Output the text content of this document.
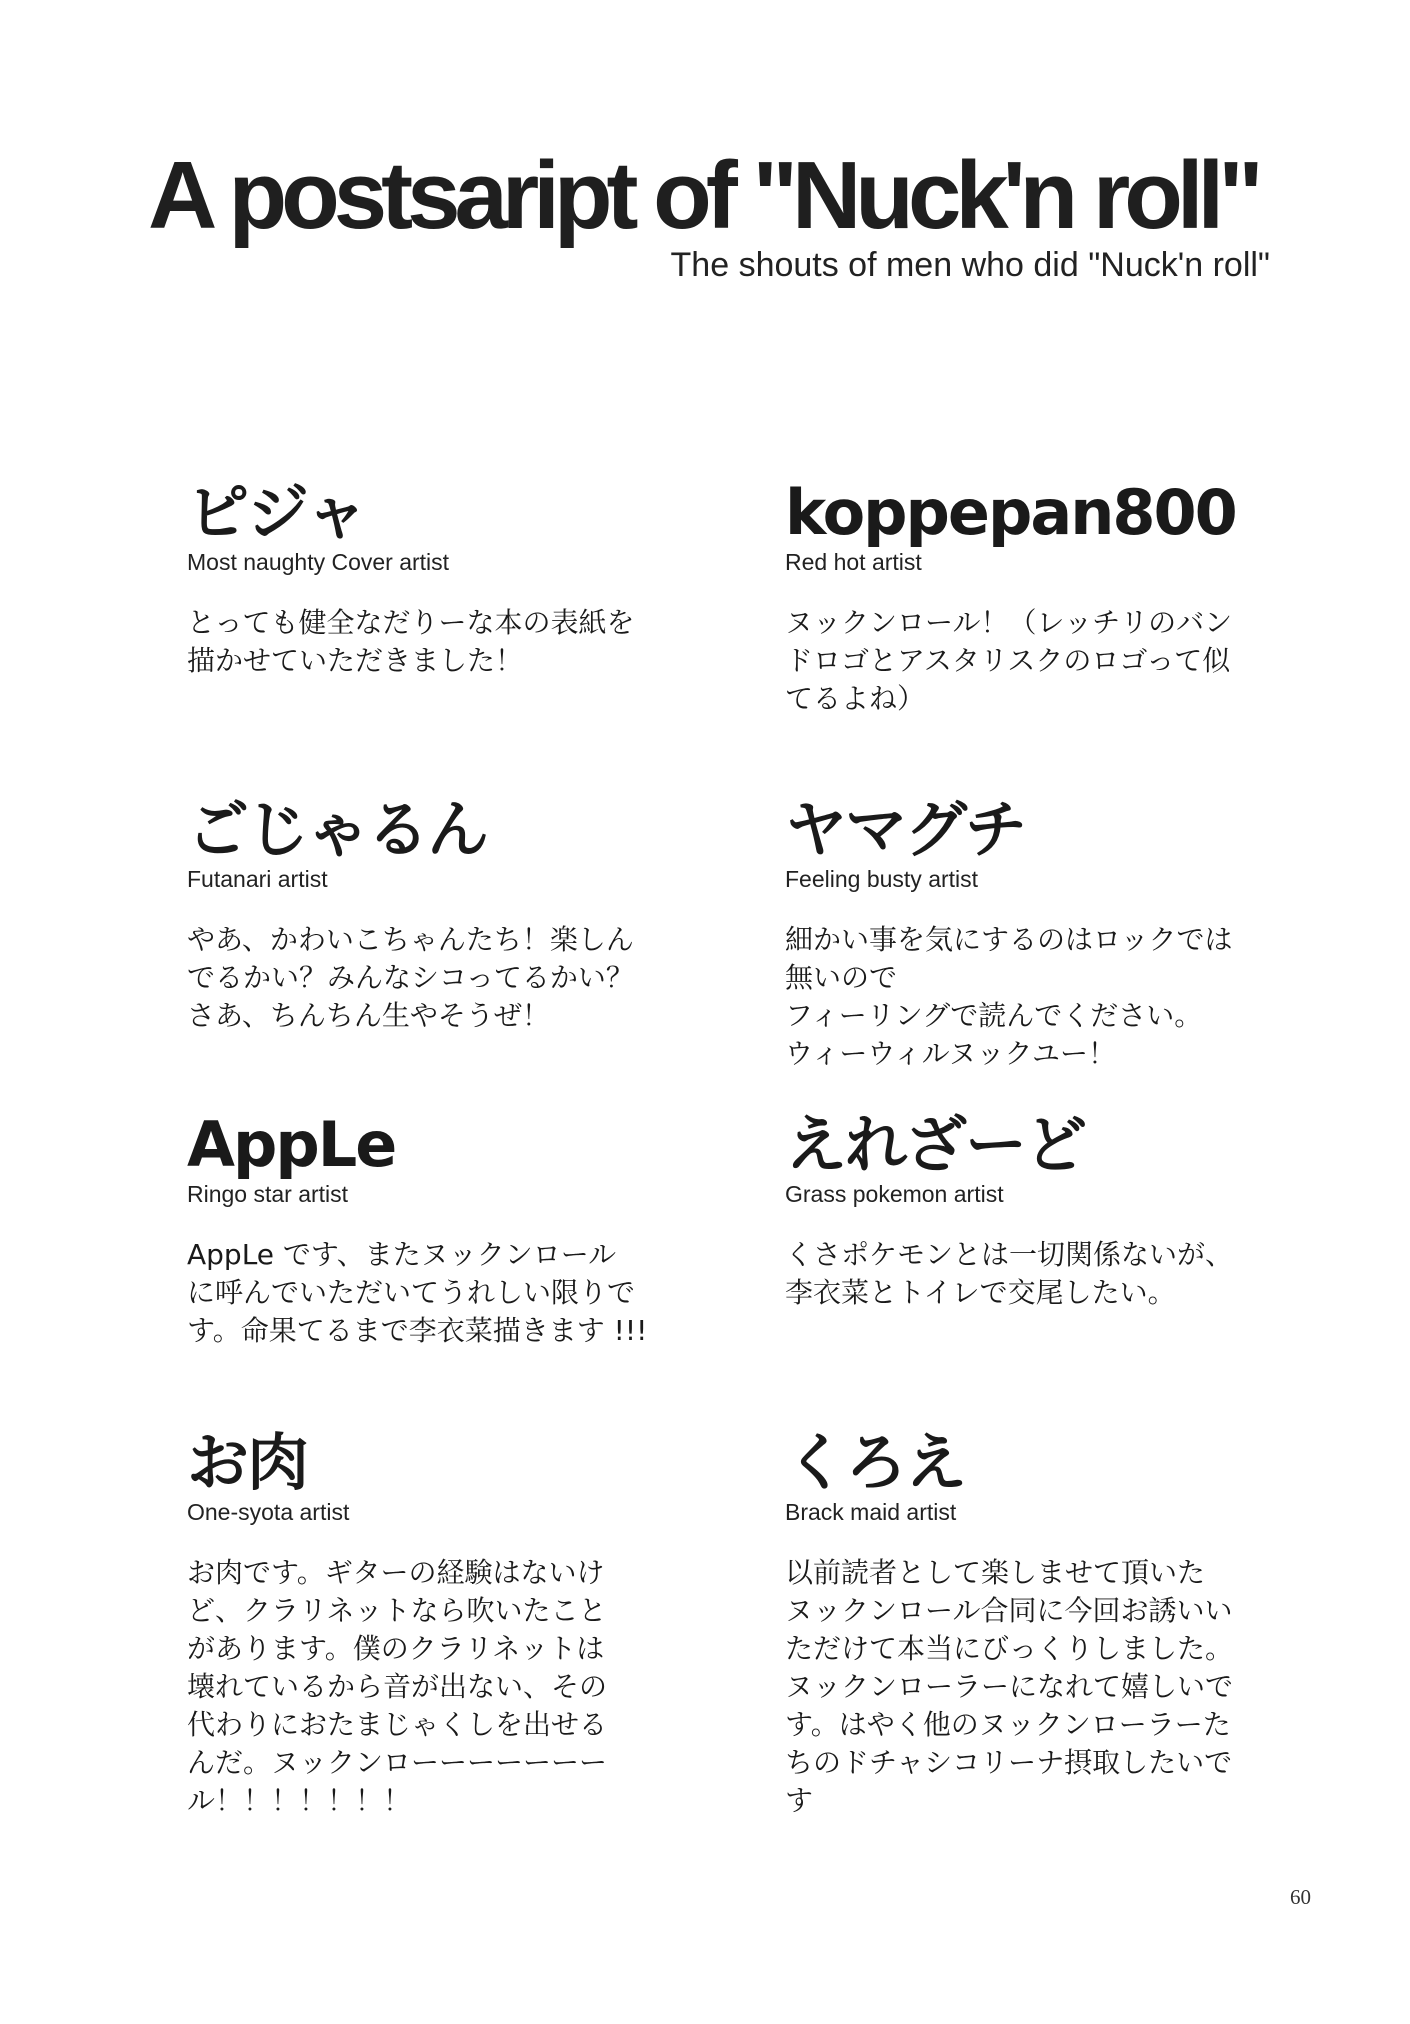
A postsaript of "Nuck'n roll"
The shouts of men who did "Nuck'n roll"
ピジャ
Most naughty Cover artist
とっても健全なだりーな本の表紙を
描かせていただきました！
koppepan800
Red hot artist
ヌックンロール！（レッチリのバン
ドロゴとアスタリスクのロゴって似
てるよね）
ごじゃるん
Futanari artist
やあ、かわいこちゃんたち！楽しん
でるかい？みんなシコってるかい？
さあ、ちんちん生やそうぜ！
ヤマグチ
Feeling busty artist
細かい事を気にするのはロックでは
無いので
フィーリングで読んでください。
ウィーウィルヌックユー！
AppLe
Ringo star artist
AppLe です、またヌックンロール
に呼んでいただいてうれしい限りで
す。命果てるまで李衣菜描きます !!!
えれざーど
Grass pokemon artist
くさポケモンとは一切関係ないが、
李衣菜とトイレで交尾したい。
お肉
One-syota artist
お肉です。ギターの経験はないけ
ど、クラリネットなら吹いたこと
があります。僕のクラリネットは
壊れているから音が出ない、その
代わりにおたまじゃくしを出せる
んだ。ヌックンローーーーーーー
ル！！！！！！！
くろえ
Brack maid artist
以前読者として楽しませて頂いた
ヌックンロール合同に今回お誘いい
ただけて本当にびっくりしました。
ヌックンローラーになれて嬉しいで
す。はやく他のヌックンローラーた
ちのドチャシコリーナ摂取したいで
す
60
